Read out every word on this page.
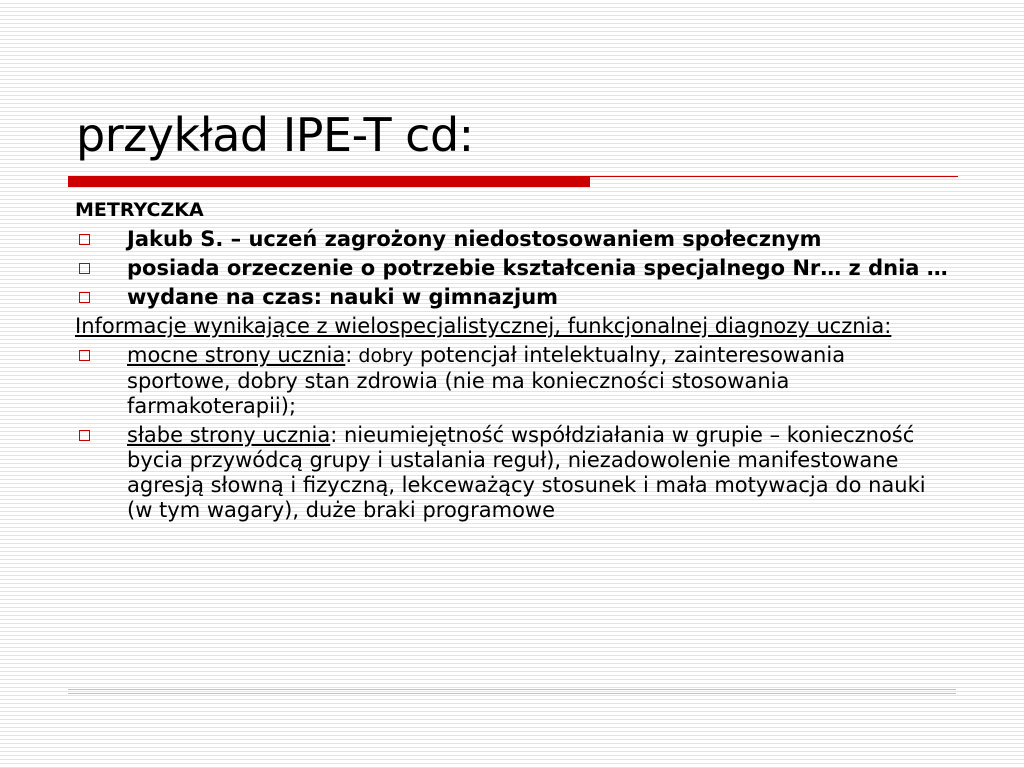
przykład IPE-T cd:
METRYCZKA
Jakub S. – uczeń zagrożony niedostosowaniem społecznym
posiada orzeczenie o potrzebie kształcenia specjalnego Nr… z dnia …
wydane na czas: nauki w gimnazjum
Informacje wynikające z wielospecjalistycznej, funkcjonalnej diagnozy ucznia:
mocne strony ucznia: dobry potencjał intelektualny, zainteresowania sportowe, dobry stan zdrowia (nie ma konieczności stosowania farmakoterapii);
słabe strony ucznia: nieumiejętność współdziałania w grupie – konieczność bycia przywódcą grupy i ustalania reguł), niezadowolenie manifestowane agresją słowną i fizyczną, lekceważący stosunek i mała motywacja do nauki (w tym wagary), duże braki programowe
